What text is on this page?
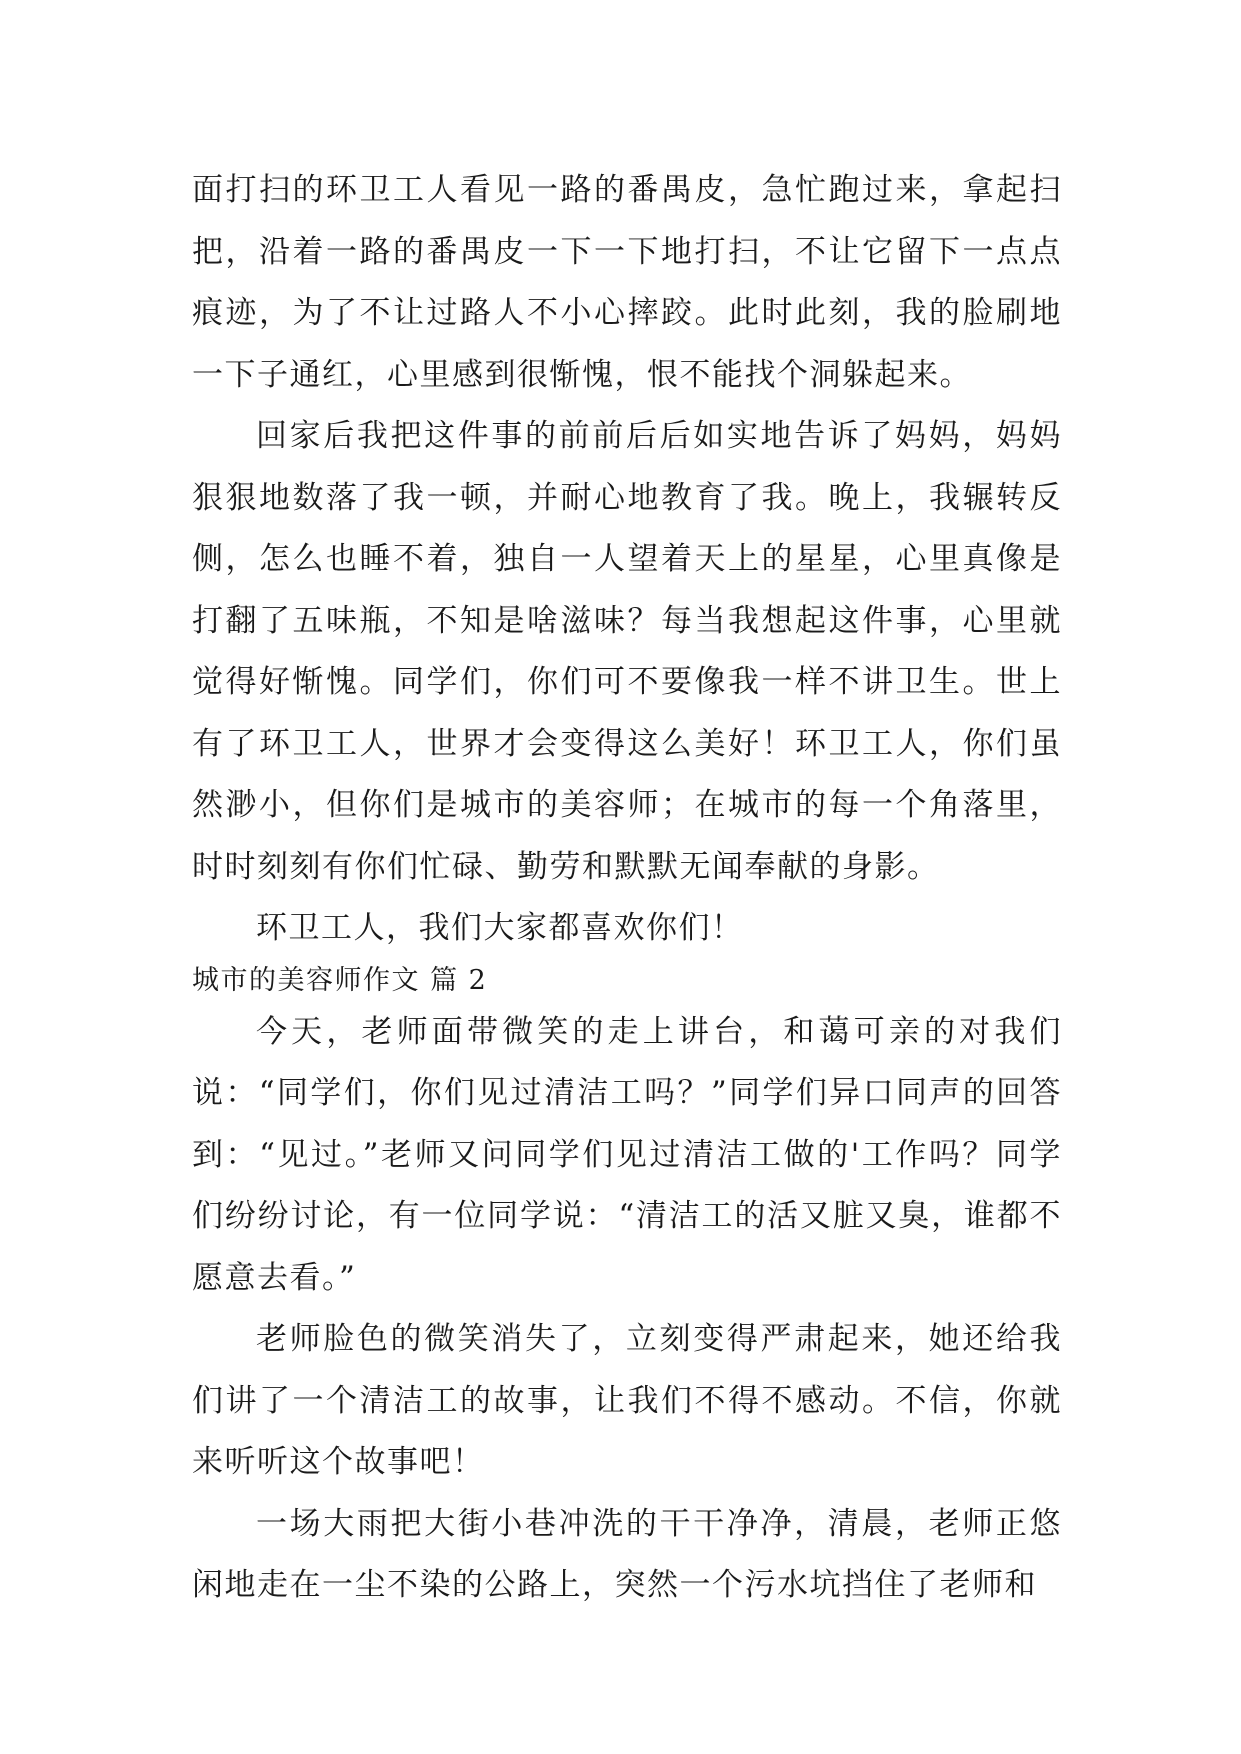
面打扫的环卫工人看见一路的番禺皮，急忙跑过来，拿起扫把，沿着一路的番禺皮一下一下地打扫，不让它留下一点点痕迹，为了不让过路人不小心摔跤。此时此刻，我的脸刷地一下子通红，心里感到很惭愧，恨不能找个洞躲起来。

回家后我把这件事的前前后后如实地告诉了妈妈，妈妈狠狠地数落了我一顿，并耐心地教育了我。晚上，我辗转反侧，怎么也睡不着，独自一人望着天上的星星，心里真像是打翻了五味瓶，不知是啥滋味？每当我想起这件事，心里就觉得好惭愧。同学们，你们可不要像我一样不讲卫生。世上有了环卫工人，世界才会变得这么美好！环卫工人，你们虽然渺小，但你们是城市的美容师；在城市的每一个角落里，时时刻刻有你们忙碌、勤劳和默默无闻奉献的身影。

环卫工人，我们大家都喜欢你们！

城市的美容师作文 篇 2

今天，老师面带微笑的走上讲台，和蔼可亲的对我们说：“同学们，你们见过清洁工吗？”同学们异口同声的回答到：“见过。”老师又问同学们见过清洁工做的'工作吗？同学们纷纷讨论，有一位同学说：“清洁工的活又脏又臭，谁都不愿意去看。”

老师脸色的微笑消失了，立刻变得严肃起来，她还给我们讲了一个清洁工的故事，让我们不得不感动。不信，你就来听听这个故事吧！

一场大雨把大街小巷冲洗的干干净净，清晨，老师正悠闲地走在一尘不染的公路上，突然一个污水坑挡住了老师和
